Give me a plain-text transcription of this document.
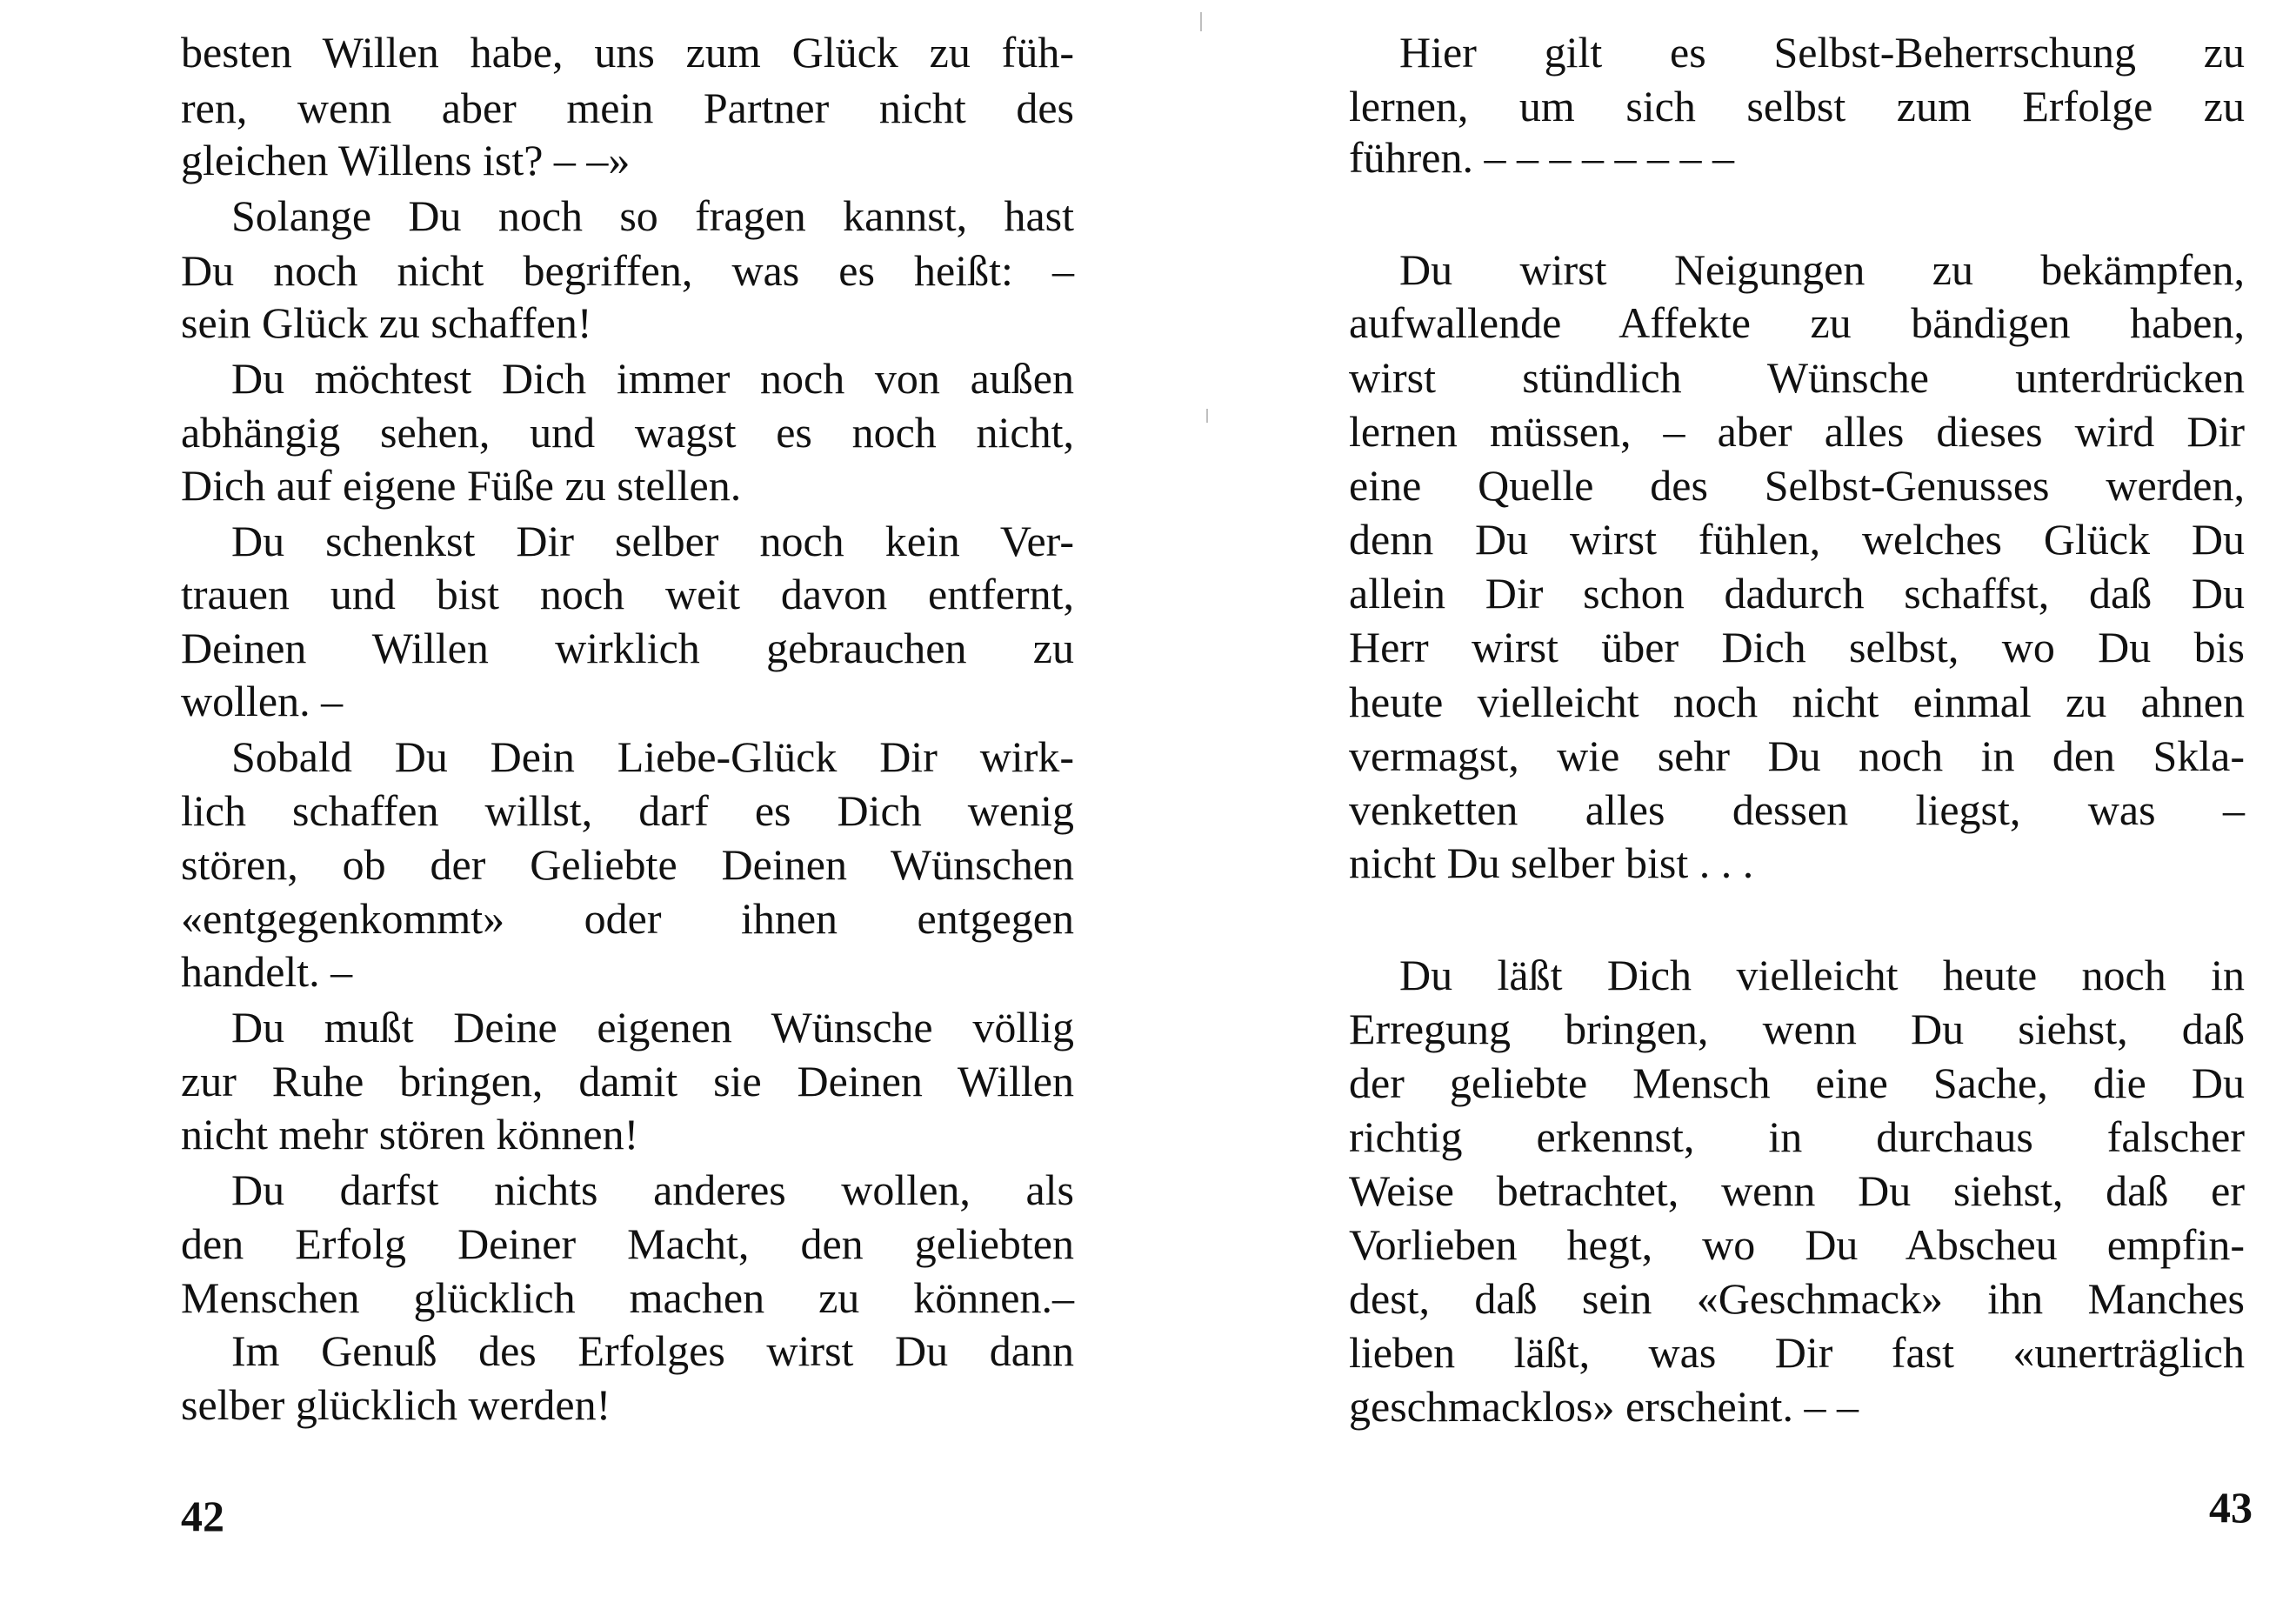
besten Willen habe, uns zum Glück zu füh-
ren, wenn aber mein Partner nicht des
gleichen Willens ist? – –»
Solange Du noch so fragen kannst, hast
Du noch nicht begriffen, was es heißt: –
sein Glück zu schaffen!
Du möchtest Dich immer noch von außen
abhängig sehen, und wagst es noch nicht,
Dich auf eigene Füße zu stellen.
Du schenkst Dir selber noch kein Ver-
trauen und bist noch weit davon entfernt,
Deinen Willen wirklich gebrauchen zu
wollen. –
Sobald Du Dein Liebe-Glück Dir wirk-
lich schaffen willst, darf es Dich wenig
stören, ob der Geliebte Deinen Wünschen
«entgegenkommt» oder ihnen entgegen
handelt. –
Du mußt Deine eigenen Wünsche völlig
zur Ruhe bringen, damit sie Deinen Willen
nicht mehr stören können!
Du darfst nichts anderes wollen, als
den Erfolg Deiner Macht, den geliebten
Menschen glücklich machen zu können.–
Im Genuß des Erfolges wirst Du dann
selber glücklich werden!
42
Hier gilt es Selbst-Beherrschung zu
lernen, um sich selbst zum Erfolge zu
führen. – – – – – – – –
Du wirst Neigungen zu bekämpfen,
aufwallende Affekte zu bändigen haben,
wirst stündlich Wünsche unterdrücken
lernen müssen, – aber alles dieses wird Dir
eine Quelle des Selbst-Genusses werden,
denn Du wirst fühlen, welches Glück Du
allein Dir schon dadurch schaffst, daß Du
Herr wirst über Dich selbst, wo Du bis
heute vielleicht noch nicht einmal zu ahnen
vermagst, wie sehr Du noch in den Skla-
venketten alles dessen liegst, was –
nicht Du selber bist . . .
Du läßt Dich vielleicht heute noch in
Erregung bringen, wenn Du siehst, daß
der geliebte Mensch eine Sache, die Du
richtig erkennst, in durchaus falscher
Weise betrachtet, wenn Du siehst, daß er
Vorlieben hegt, wo Du Abscheu empfin-
dest, daß sein «Geschmack» ihn Manches
lieben läßt, was Dir fast «unerträglich
geschmacklos» erscheint. – –
43
